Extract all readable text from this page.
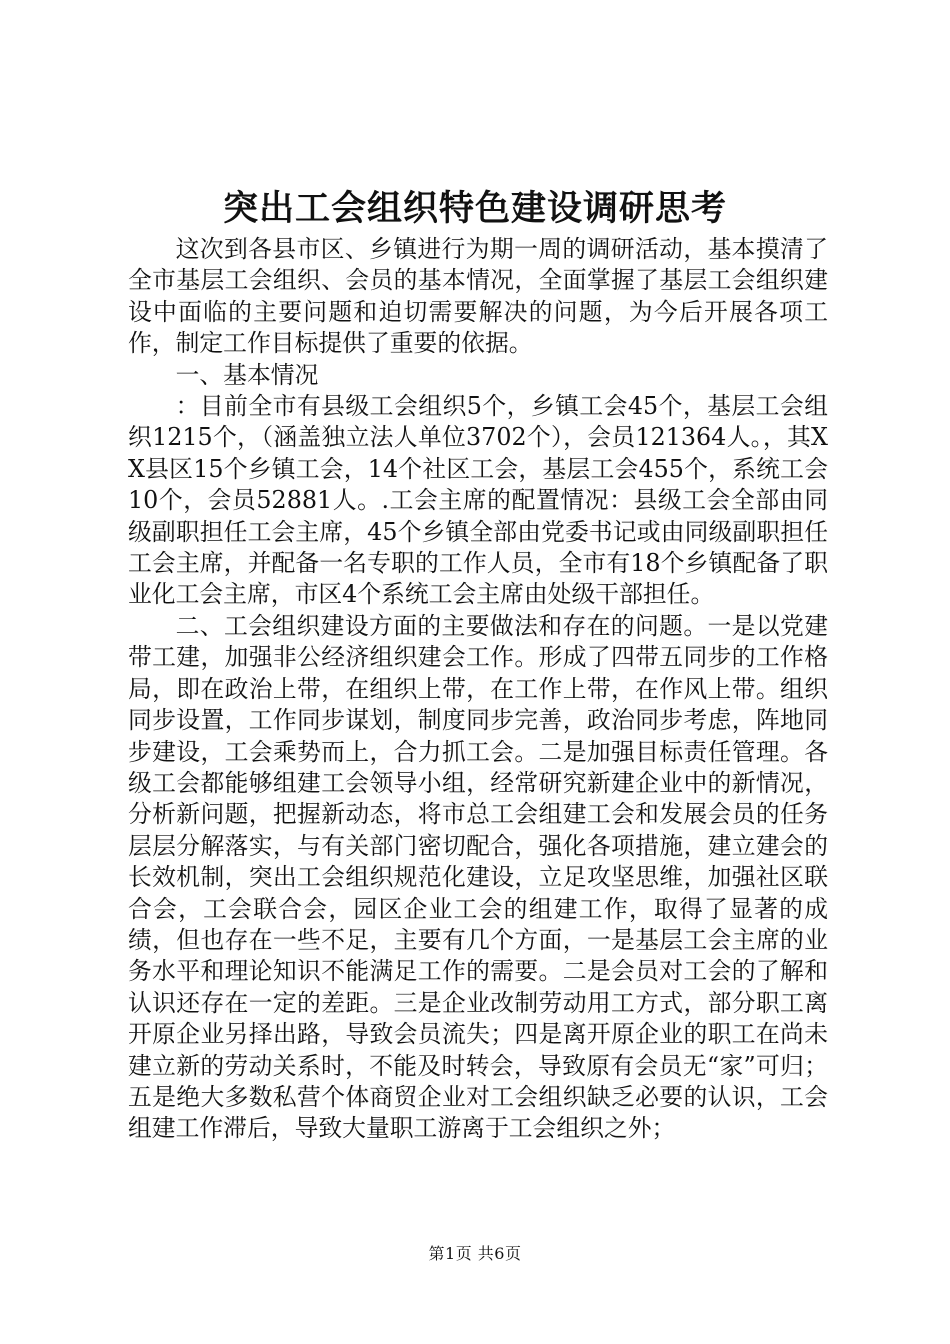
突出工会组织特色建设调研思考

这次到各县市区、乡镇进行为期一周的调研活动，基本摸清了全市基层工会组织、会员的基本情况，全面掌握了基层工会组织建设中面临的主要问题和迫切需要解决的问题，为今后开展各项工作，制定工作目标提供了重要的依据。

一、基本情况

：目前全市有县级工会组织5个，乡镇工会45个，基层工会组织1215个，（涵盖独立法人单位3702个），会员121364人。，其XX县区15个乡镇工会，14个社区工会，基层工会455个，系统工会10个，会员52881人。.工会主席的配置情况：县级工会全部由同级副职担任工会主席，45个乡镇全部由党委书记或由同级副职担任工会主席，并配备一名专职的工作人员，全市有18个乡镇配备了职业化工会主席，市区4个系统工会主席由处级干部担任。

二、工会组织建设方面的主要做法和存在的问题。一是以党建带工建，加强非公经济组织建会工作。形成了四带五同步的工作格局，即在政治上带，在组织上带，在工作上带，在作风上带。组织同步设置，工作同步谋划，制度同步完善，政治同步考虑，阵地同步建设，工会乘势而上，合力抓工会。二是加强目标责任管理。各级工会都能够组建工会领导小组，经常研究新建企业中的新情况，分析新问题，把握新动态，将市总工会组建工会和发展会员的任务层层分解落实，与有关部门密切配合，强化各项措施，建立建会的长效机制，突出工会组织规范化建设，立足攻坚思维，加强社区联合会，工会联合会，园区企业工会的组建工作，取得了显著的成绩，但也存在一些不足，主要有几个方面，一是基层工会主席的业务水平和理论知识不能满足工作的需要。二是会员对工会的了解和认识还存在一定的差距。三是企业改制劳动用工方式，部分职工离开原企业另择出路，导致会员流失；四是离开原企业的职工在尚未建立新的劳动关系时，不能及时转会，导致原有会员无“家”可归；五是绝大多数私营个体商贸企业对工会组织缺乏必要的认识，工会组建工作滞后，导致大量职工游离于工会组织之外；

第1页 共6页
